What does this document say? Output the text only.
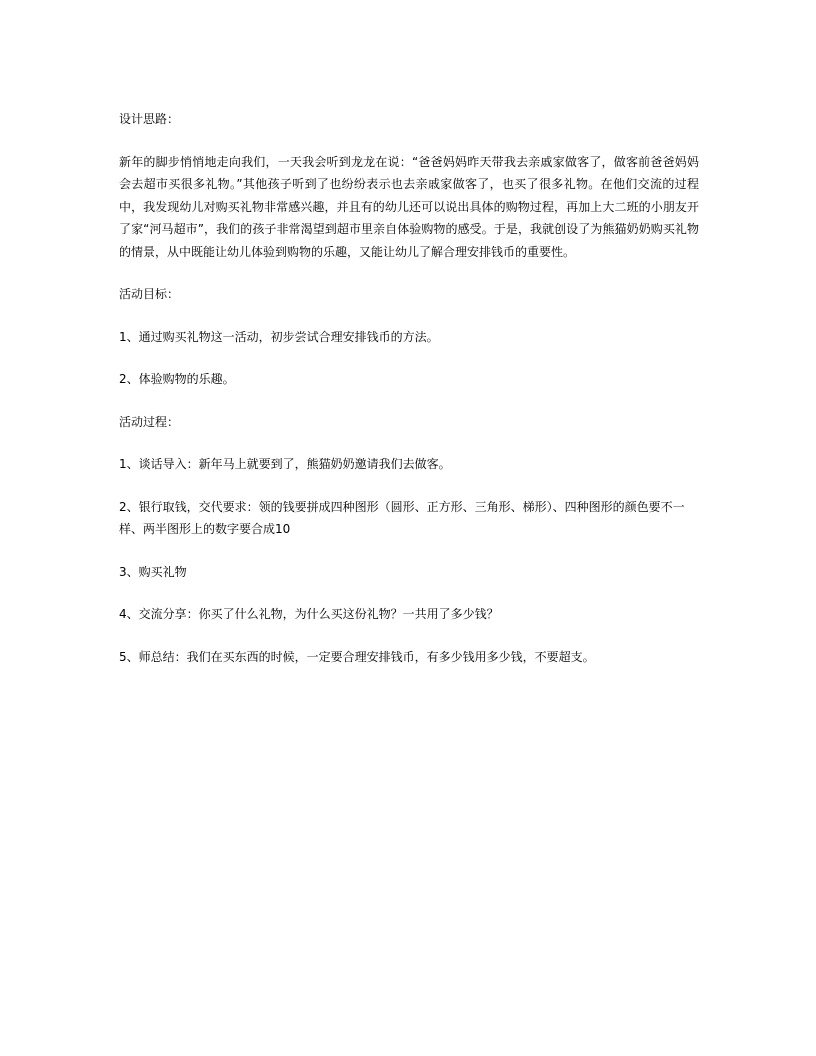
设计思路：

新年的脚步悄悄地走向我们，一天我会听到龙龙在说：“爸爸妈妈昨天带我去亲戚家做客了，做客前爸爸妈妈会去超市买很多礼物。”其他孩子听到了也纷纷表示也去亲戚家做客了，也买了很多礼物。在他们交流的过程中，我发现幼儿对购买礼物非常感兴趣，并且有的幼儿还可以说出具体的购物过程，再加上大二班的小朋友开了家“河马超市”，我们的孩子非常渴望到超市里亲自体验购物的感受。于是，我就创设了为熊猫奶奶购买礼物的情景，从中既能让幼儿体验到购物的乐趣，又能让幼儿了解合理安排钱币的重要性。

活动目标：

1、通过购买礼物这一活动，初步尝试合理安排钱币的方法。

2、体验购物的乐趣。

活动过程：

1、谈话导入：新年马上就要到了，熊猫奶奶邀请我们去做客。

2、银行取钱，交代要求：领的钱要拼成四种图形（圆形、正方形、三角形、梯形）、四种图形的颜色要不一样、两半图形上的数字要合成10

3、购买礼物

4、交流分享：你买了什么礼物，为什么买这份礼物？一共用了多少钱？

5、师总结：我们在买东西的时候，一定要合理安排钱币，有多少钱用多少钱，不要超支。
